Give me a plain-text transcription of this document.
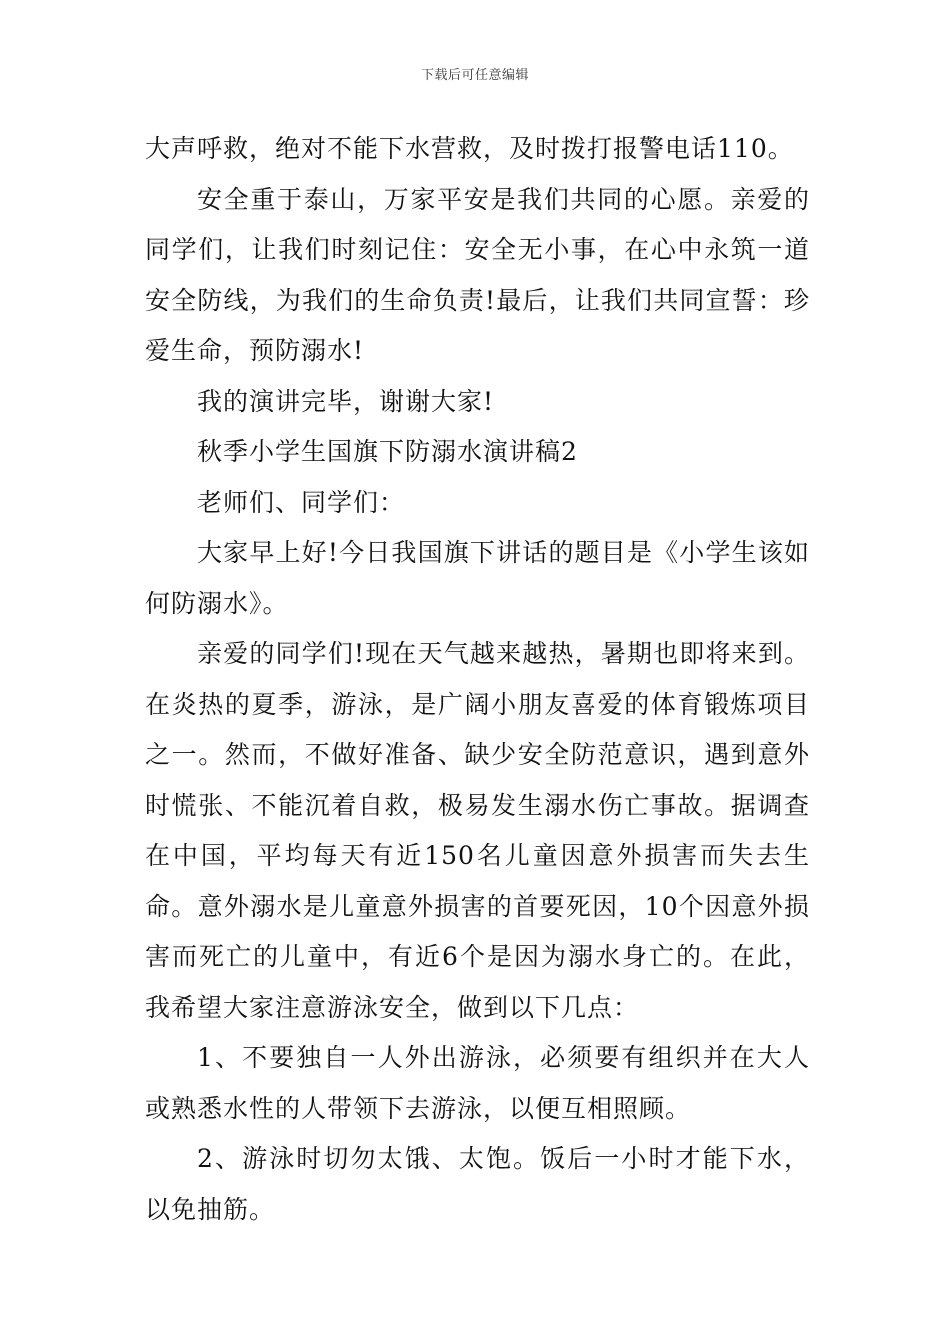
下载后可任意编辑

大声呼救，绝对不能下水营救，及时拨打报警电话110。

安全重于泰山，万家平安是我们共同的心愿。亲爱的同学们，让我们时刻记住：安全无小事，在心中永筑一道安全防线，为我们的生命负责!最后，让我们共同宣誓：珍爱生命，预防溺水!

我的演讲完毕，谢谢大家!

秋季小学生国旗下防溺水演讲稿2

老师们、同学们：

大家早上好!今日我国旗下讲话的题目是《小学生该如何防溺水》。

亲爱的同学们!现在天气越来越热，暑期也即将来到。在炎热的夏季，游泳，是广阔小朋友喜爱的体育锻炼项目之一。然而，不做好准备、缺少安全防范意识，遇到意外时慌张、不能沉着自救，极易发生溺水伤亡事故。据调查在中国，平均每天有近150名儿童因意外损害而失去生命。意外溺水是儿童意外损害的首要死因，10个因意外损害而死亡的儿童中，有近6个是因为溺水身亡的。在此，我希望大家注意游泳安全，做到以下几点：

1、不要独自一人外出游泳，必须要有组织并在大人或熟悉水性的人带领下去游泳，以便互相照顾。

2、游泳时切勿太饿、太饱。饭后一小时才能下水，以免抽筋。
